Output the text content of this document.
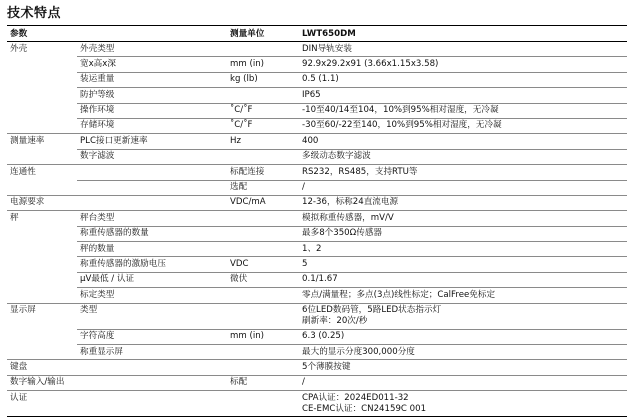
技术特点
参数		测量单位	LWT650DM
外壳	外壳类型		DIN导轨安装
	宽x高x深	mm (in)	92.9x29.2x91 (3.66x1.15x3.58)
	装运重量	kg (lb)	0.5 (1.1)
	防护等级		IP65
	操作环境	˚C/˚F	-10至40/14至104，10%到95%相对湿度，无冷凝
	存储环境	˚C/˚F	-30至60/-22至140，10%到95%相对湿度，无冷凝
测量速率	PLC接口更新速率	Hz	400
	数字滤波		多级动态数字滤波
连通性		标配连接	RS232，RS485，支持RTU等
		选配	/
电源要求		VDC/mA	12-36，标称24直流电源
秤	秤台类型		模拟称重传感器，mV/V
	称重传感器的数量		最多8个350Ω传感器
	秤的数量		1、2
	称重传感器的激励电压	VDC	5
	µV最低 / 认证	微伏	0.1/1.67
	标定类型		零点/满量程；多点(3点)线性标定；CalFree免标定
显示屏	类型		6位LED数码管，5路LED状态指示灯
刷新率：20次/秒

	字符高度	mm (in)	6.3 (0.25)
	称重显示屏		最大的显示分度300,000分度
键盘			5个薄膜按键
数字输入/输出		标配	/
认证			CPA认证：2024ED011-32
CE-EMC认证：CN24159C 001
